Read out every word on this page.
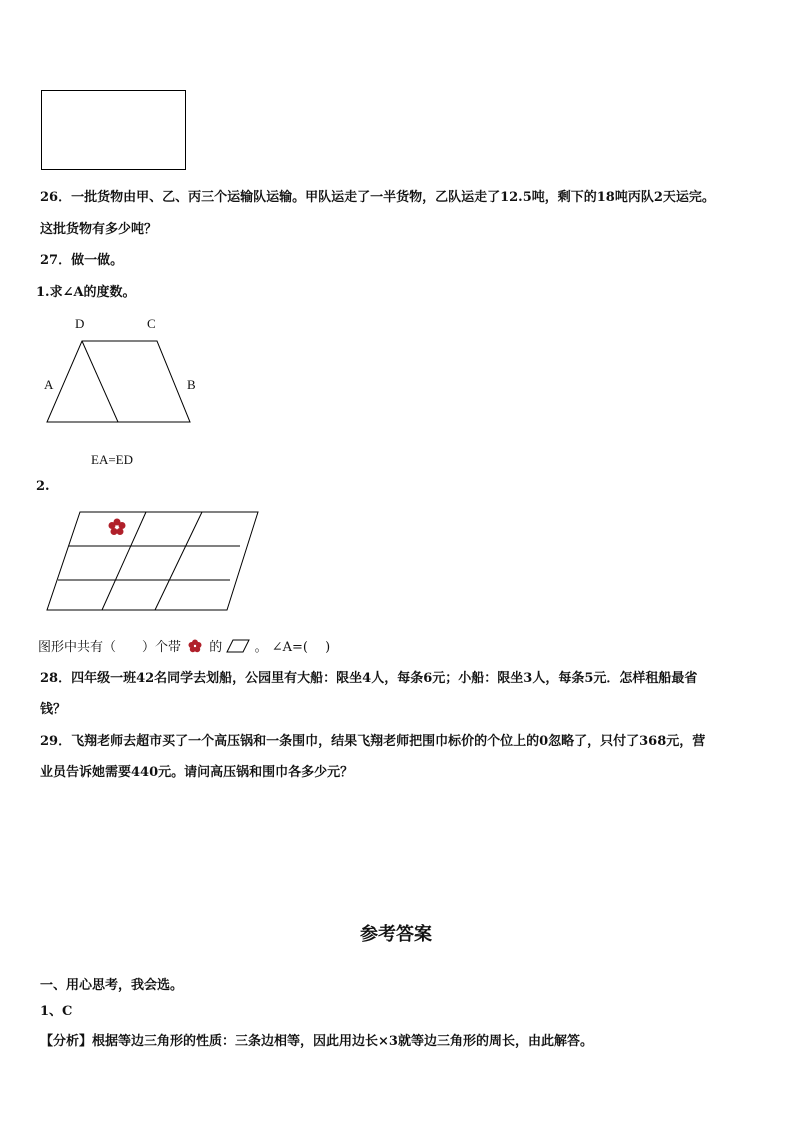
26．一批货物由甲、乙、丙三个运输队运输。甲队运走了一半货物，乙队运走了12.5吨，剩下的18吨丙队2天运完。
这批货物有多少吨？
27．做一做。
1.求∠A的度数。
D	C
A	B
EA=ED
2.
图形中共有（　　）个带 的 。 ∠A=(　 )
28．四年级一班42名同学去划船，公园里有大船：限坐4人，每条6元；小船：限坐3人，每条5元．怎样租船最省
钱？
29．飞翔老师去超市买了一个高压锅和一条围巾，结果飞翔老师把围巾标价的个位上的0忽略了，只付了368元，营
业员告诉她需要440元。请问高压锅和围巾各多少元？
参考答案
一、用心思考，我会选。
1、C
【分析】根据等边三角形的性质：三条边相等，因此用边长×3就等边三角形的周长，由此解答。
